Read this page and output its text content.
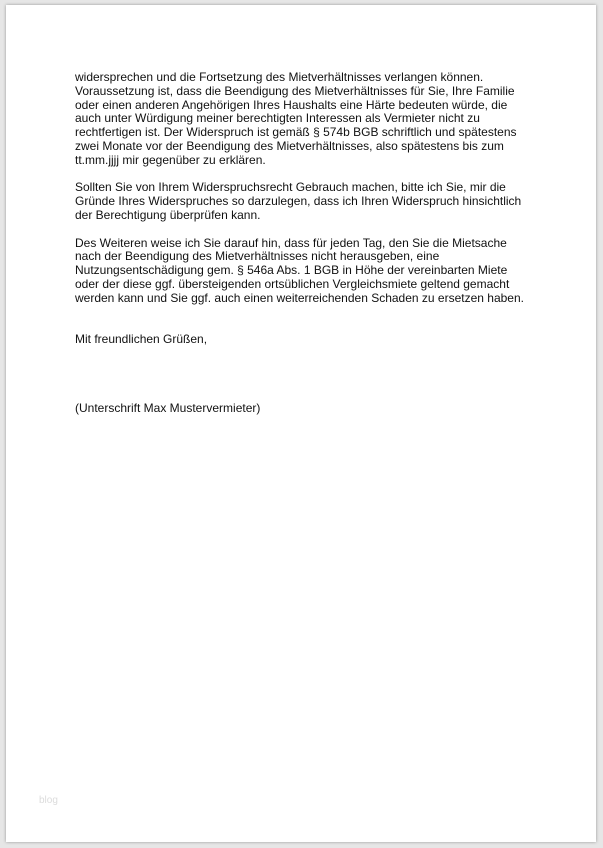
widersprechen und die Fortsetzung des Mietverhältnisses verlangen können.
Voraussetzung ist, dass die Beendigung des Mietverhältnisses für Sie, Ihre Familie
oder einen anderen Angehörigen Ihres Haushalts eine Härte bedeuten würde, die
auch unter Würdigung meiner berechtigten Interessen als Vermieter nicht zu
rechtfertigen ist. Der Widerspruch ist gemäß § 574b BGB schriftlich und spätestens
zwei Monate vor der Beendigung des Mietverhältnisses, also spätestens bis zum
tt.mm.jjjj mir gegenüber zu erklären.

Sollten Sie von Ihrem Widerspruchsrecht Gebrauch machen, bitte ich Sie, mir die
Gründe Ihres Widerspruches so darzulegen, dass ich Ihren Widerspruch hinsichtlich
der Berechtigung überprüfen kann.

Des Weiteren weise ich Sie darauf hin, dass für jeden Tag, den Sie die Mietsache
nach der Beendigung des Mietverhältnisses nicht herausgeben, eine
Nutzungsentschädigung gem. § 546a Abs. 1 BGB in Höhe der vereinbarten Miete
oder der diese ggf. übersteigenden ortsüblichen Vergleichsmiete geltend gemacht
werden kann und Sie ggf. auch einen weiterreichenden Schaden zu ersetzen haben.

Mit freundlichen Grüßen,

(Unterschrift Max Mustervermieter)

blog
